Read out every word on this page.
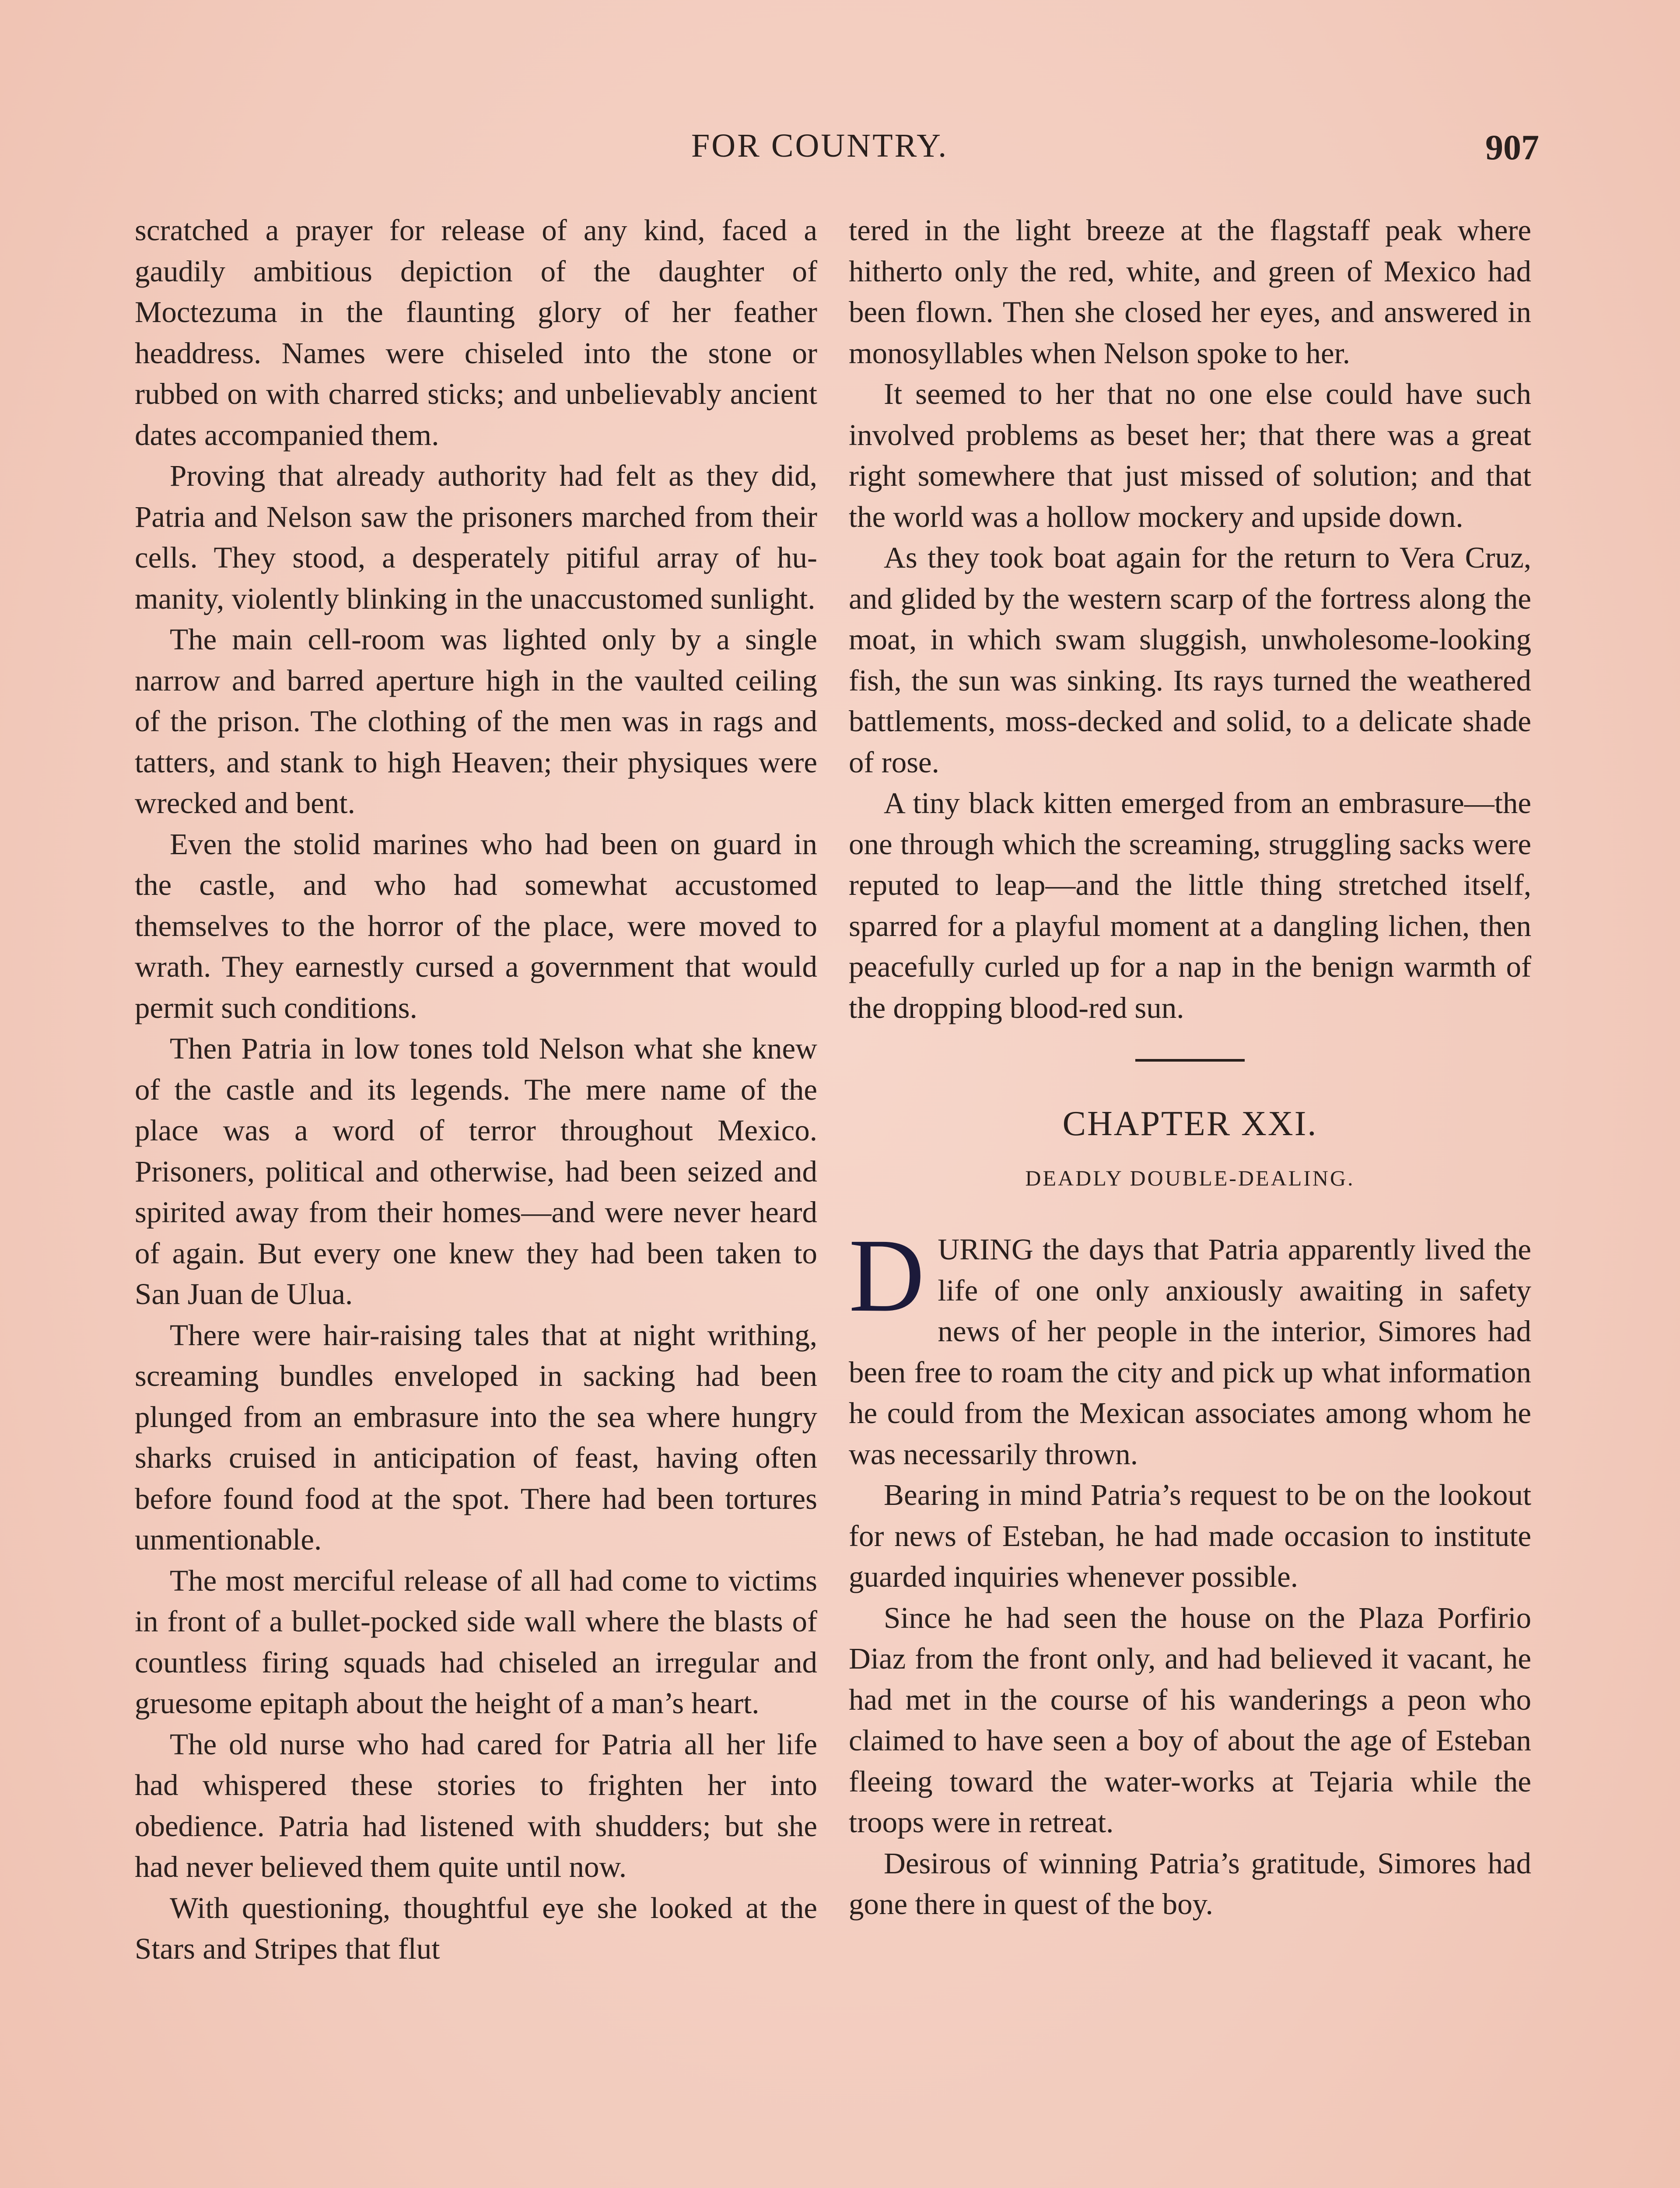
FOR COUNTRY.	907

scratched a prayer for release of any kind, faced a gaudily ambitious depiction of the daughter of Moctezuma in the flaunting glory of her feather headdress. Names were chiseled into the stone or rubbed on with charred sticks; and unbelievably ancient dates accompanied them.

Proving that already authority had felt as they did, Patria and Nelson saw the prisoners marched from their cells. They stood, a desperately pitiful array of humanity, violently blinking in the unaccustomed sunlight.

The main cell-room was lighted only by a single narrow and barred aperture high in the vaulted ceiling of the prison. The clothing of the men was in rags and tatters, and stank to high Heaven; their physiques were wrecked and bent.

Even the stolid marines who had been on guard in the castle, and who had somewhat accustomed themselves to the horror of the place, were moved to wrath. They earnestly cursed a government that would permit such conditions.

Then Patria in low tones told Nelson what she knew of the castle and its legends. The mere name of the place was a word of terror throughout Mexico. Prisoners, political and otherwise, had been seized and spirited away from their homes—and were never heard of again. But every one knew they had been taken to San Juan de Ulua.

There were hair-raising tales that at night writhing, screaming bundles enveloped in sacking had been plunged from an embrasure into the sea where hungry sharks cruised in anticipation of feast, having often before found food at the spot. There had been tortures unmentionable.

The most merciful release of all had come to victims in front of a bullet-pocked side wall where the blasts of countless firing squads had chiseled an irregular and gruesome epitaph about the height of a man’s heart.

The old nurse who had cared for Patria all her life had whispered these stories to frighten her into obedience. Patria had listened with shudders; but she had never believed them quite until now.

With questioning, thoughtful eye she looked at the Stars and Stripes that flut

tered in the light breeze at the flagstaff peak where hitherto only the red, white, and green of Mexico had been flown. Then she closed her eyes, and answered in monosyllables when Nelson spoke to her.

It seemed to her that no one else could have such involved problems as beset her; that there was a great right somewhere that just missed of solution; and that the world was a hollow mockery and upside down.

As they took boat again for the return to Vera Cruz, and glided by the western scarp of the fortress along the moat, in which swam sluggish, unwholesome-looking fish, the sun was sinking. Its rays turned the weathered battlements, moss-decked and solid, to a delicate shade of rose.

A tiny black kitten emerged from an embrasure—the one through which the screaming, struggling sacks were reputed to leap—and the little thing stretched itself, sparred for a playful moment at a dangling lichen, then peacefully curled up for a nap in the benign warmth of the dropping blood-red sun.

CHAPTER XXI.
DEADLY DOUBLE-DEALING.

DURING the days that Patria apparently lived the life of one only anxiously awaiting in safety news of her people in the interior, Simores had been free to roam the city and pick up what information he could from the Mexican associates among whom he was necessarily thrown.

Bearing in mind Patria’s request to be on the lookout for news of Esteban, he had made occasion to institute guarded inquiries whenever possible.

Since he had seen the house on the Plaza Porfirio Diaz from the front only, and had believed it vacant, he had met in the course of his wanderings a peon who claimed to have seen a boy of about the age of Esteban fleeing toward the water-works at Tejaria while the troops were in retreat.

Desirous of winning Patria’s gratitude, Simores had gone there in quest of the boy.
